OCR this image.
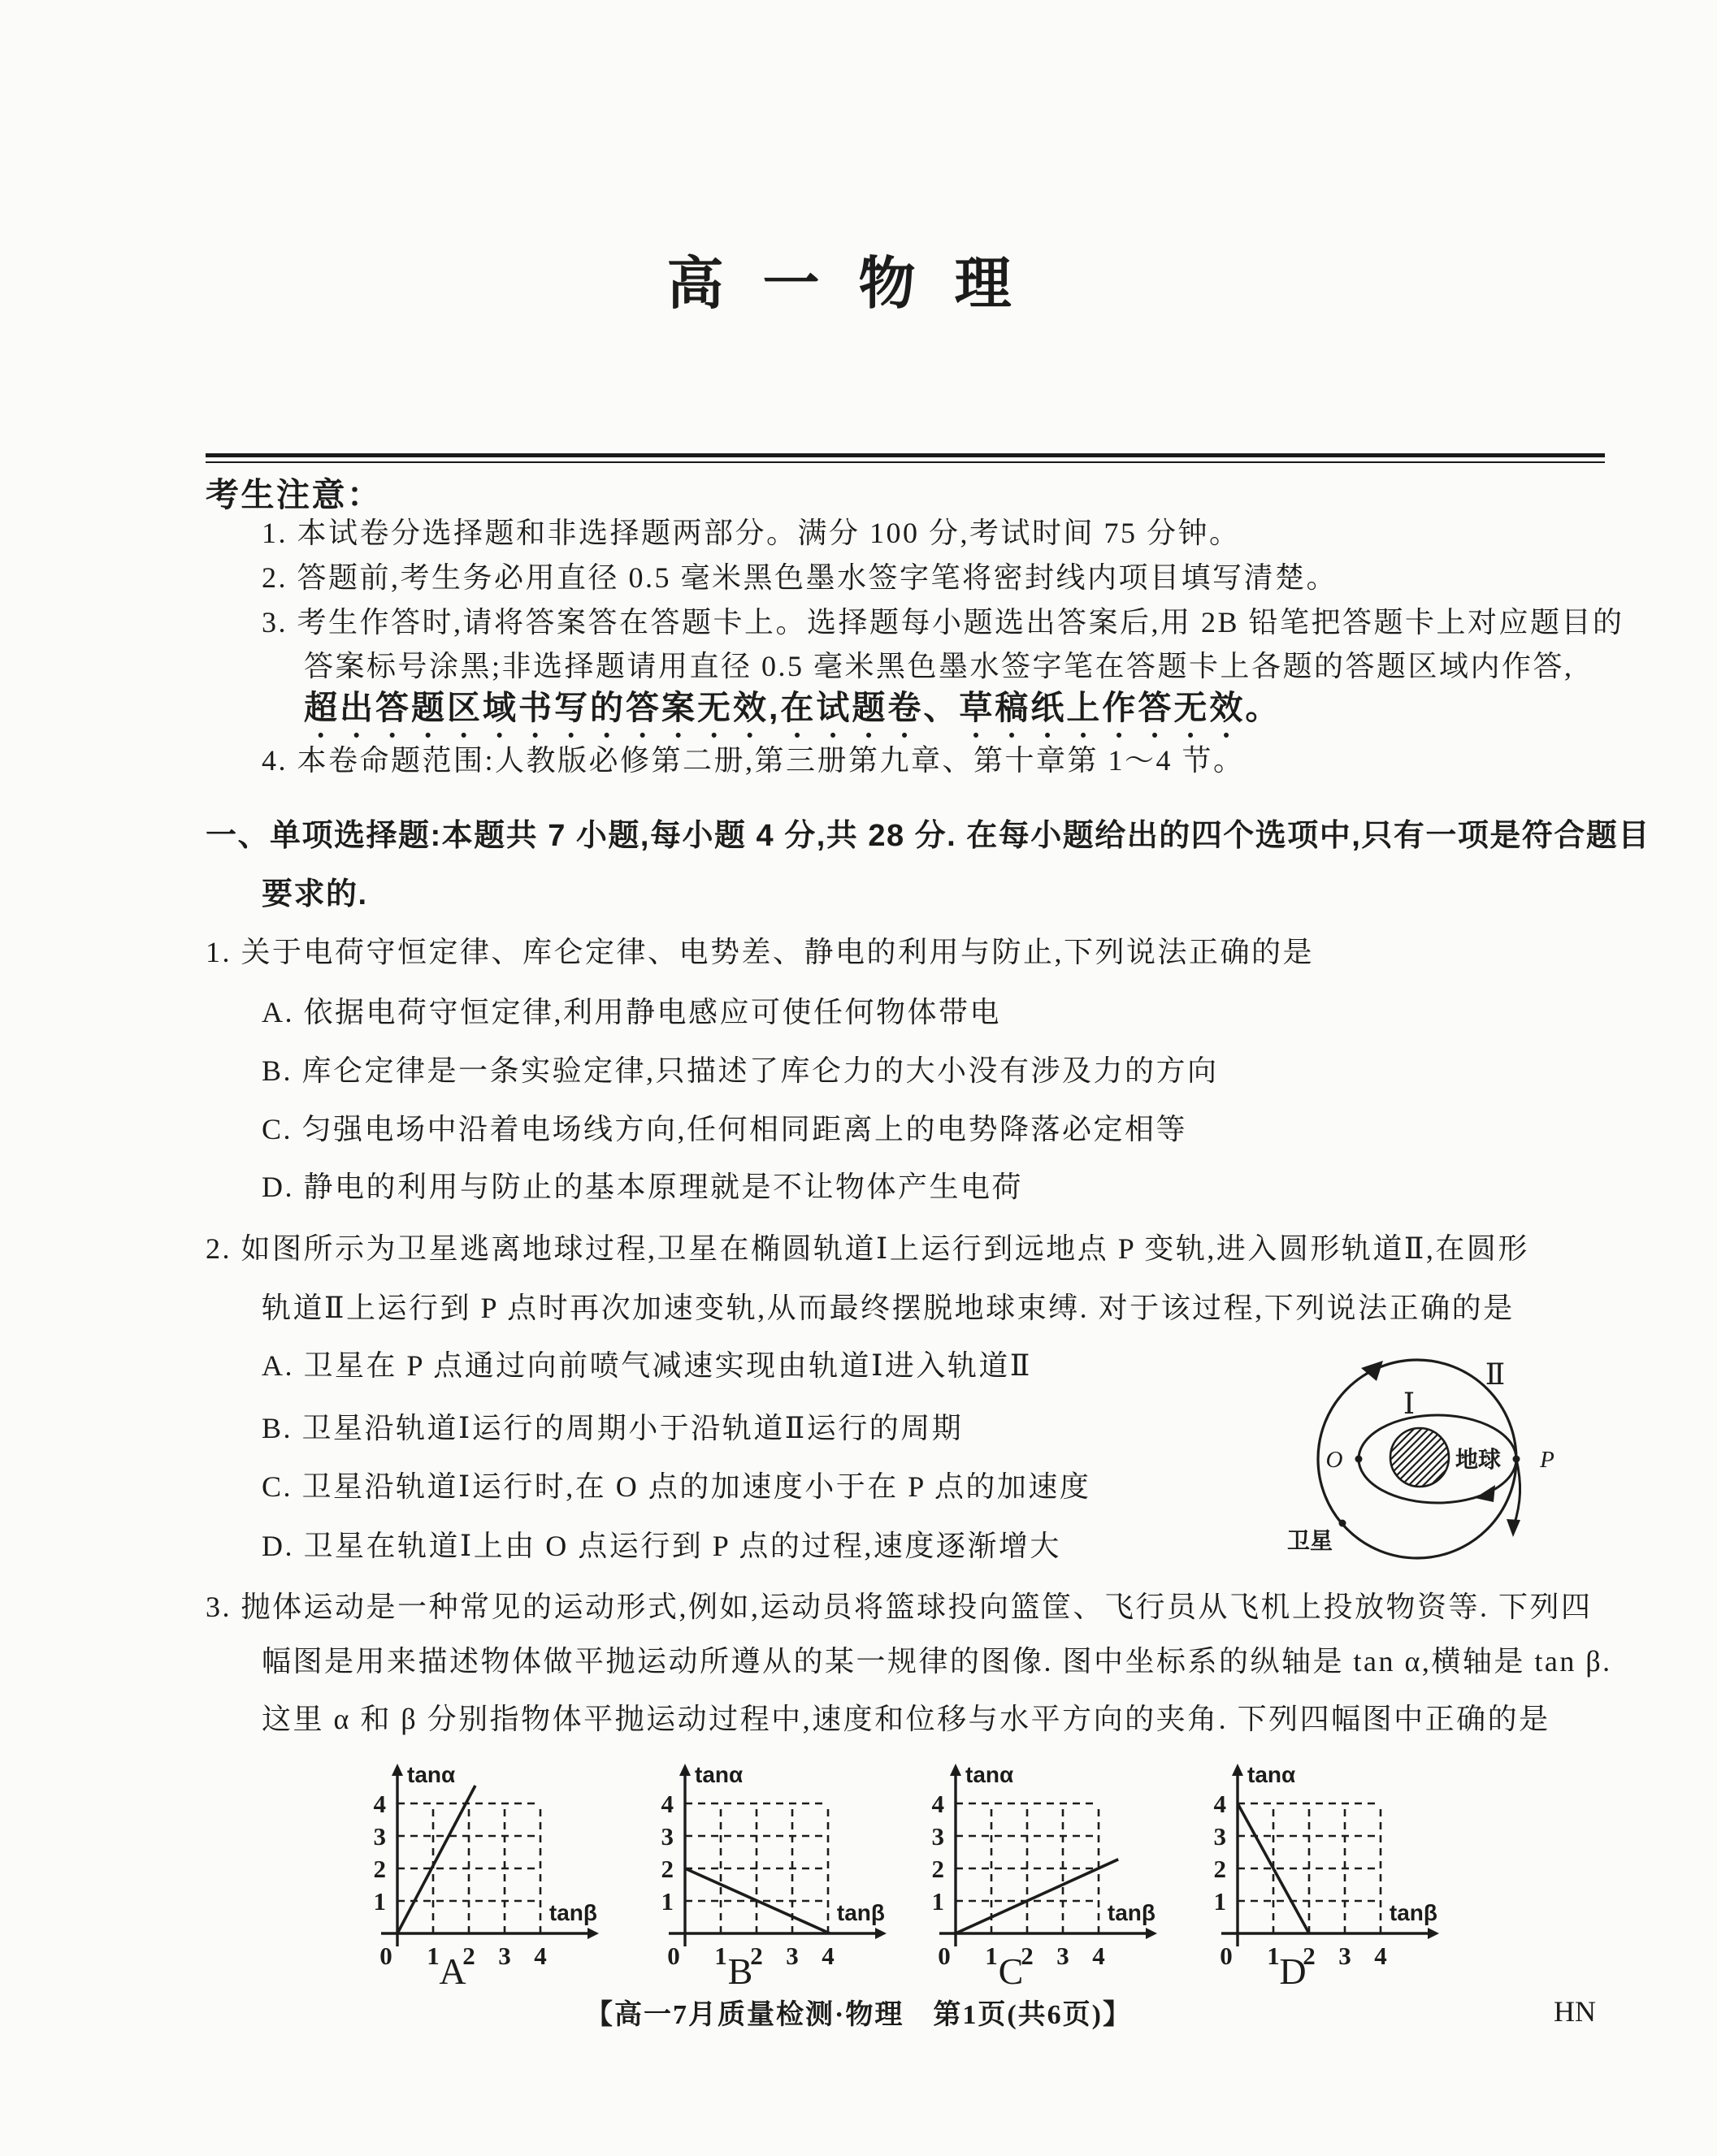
高一物理
考生注意：
1. 本试卷分选择题和非选择题两部分。满分 100 分,考试时间 75 分钟。
2. 答题前,考生务必用直径 0.5 毫米黑色墨水签字笔将密封线内项目填写清楚。
3. 考生作答时,请将答案答在答题卡上。选择题每小题选出答案后,用 2B 铅笔把答题卡上对应题目的
答案标号涂黑;非选择题请用直径 0.5 毫米黑色墨水签字笔在答题卡上各题的答题区域内作答,
超出答题区域书写的答案无效,在试题卷、草稿纸上作答无效。
4. 本卷命题范围:人教版必修第二册,第三册第九章、第十章第 1～4 节。
一、单项选择题:本题共 7 小题,每小题 4 分,共 28 分. 在每小题给出的四个选项中,只有一项是符合题目
要求的.
1. 关于电荷守恒定律、库仑定律、电势差、静电的利用与防止,下列说法正确的是
A. 依据电荷守恒定律,利用静电感应可使任何物体带电
B. 库仑定律是一条实验定律,只描述了库仑力的大小没有涉及力的方向
C. 匀强电场中沿着电场线方向,任何相同距离上的电势降落必定相等
D. 静电的利用与防止的基本原理就是不让物体产生电荷
2. 如图所示为卫星逃离地球过程,卫星在椭圆轨道Ⅰ上运行到远地点 P 变轨,进入圆形轨道Ⅱ,在圆形
轨道Ⅱ上运行到 P 点时再次加速变轨,从而最终摆脱地球束缚. 对于该过程,下列说法正确的是
A. 卫星在 P 点通过向前喷气减速实现由轨道Ⅰ进入轨道Ⅱ
B. 卫星沿轨道Ⅰ运行的周期小于沿轨道Ⅱ运行的周期
C. 卫星沿轨道Ⅰ运行时,在 O 点的加速度小于在 P 点的加速度
D. 卫星在轨道Ⅰ上由 O 点运行到 P 点的过程,速度逐渐增大
Ⅰ
Ⅱ
O	P
地球
卫星
3. 抛体运动是一种常见的运动形式,例如,运动员将篮球投向篮筐、飞行员从飞机上投放物资等. 下列四
幅图是用来描述物体做平抛运动所遵从的某一规律的图像. 图中坐标系的纵轴是 tan α,横轴是 tan β.
这里 α 和 β 分别指物体平抛运动过程中,速度和位移与水平方向的夹角. 下列四幅图中正确的是
0 1 2 3 4
1
2
3
4
tanα
tanβ
A	0 1 2 3 4
1
2
3
4
tanα
tanβ
B	0 1 2 3 4
1
2
3
4
tanα
tanβ
C	0 1 2 3 4
1
2
3
4
tanα
tanβ
D
【高一7月质量检测·物理　第1页(共6页)】	HN
